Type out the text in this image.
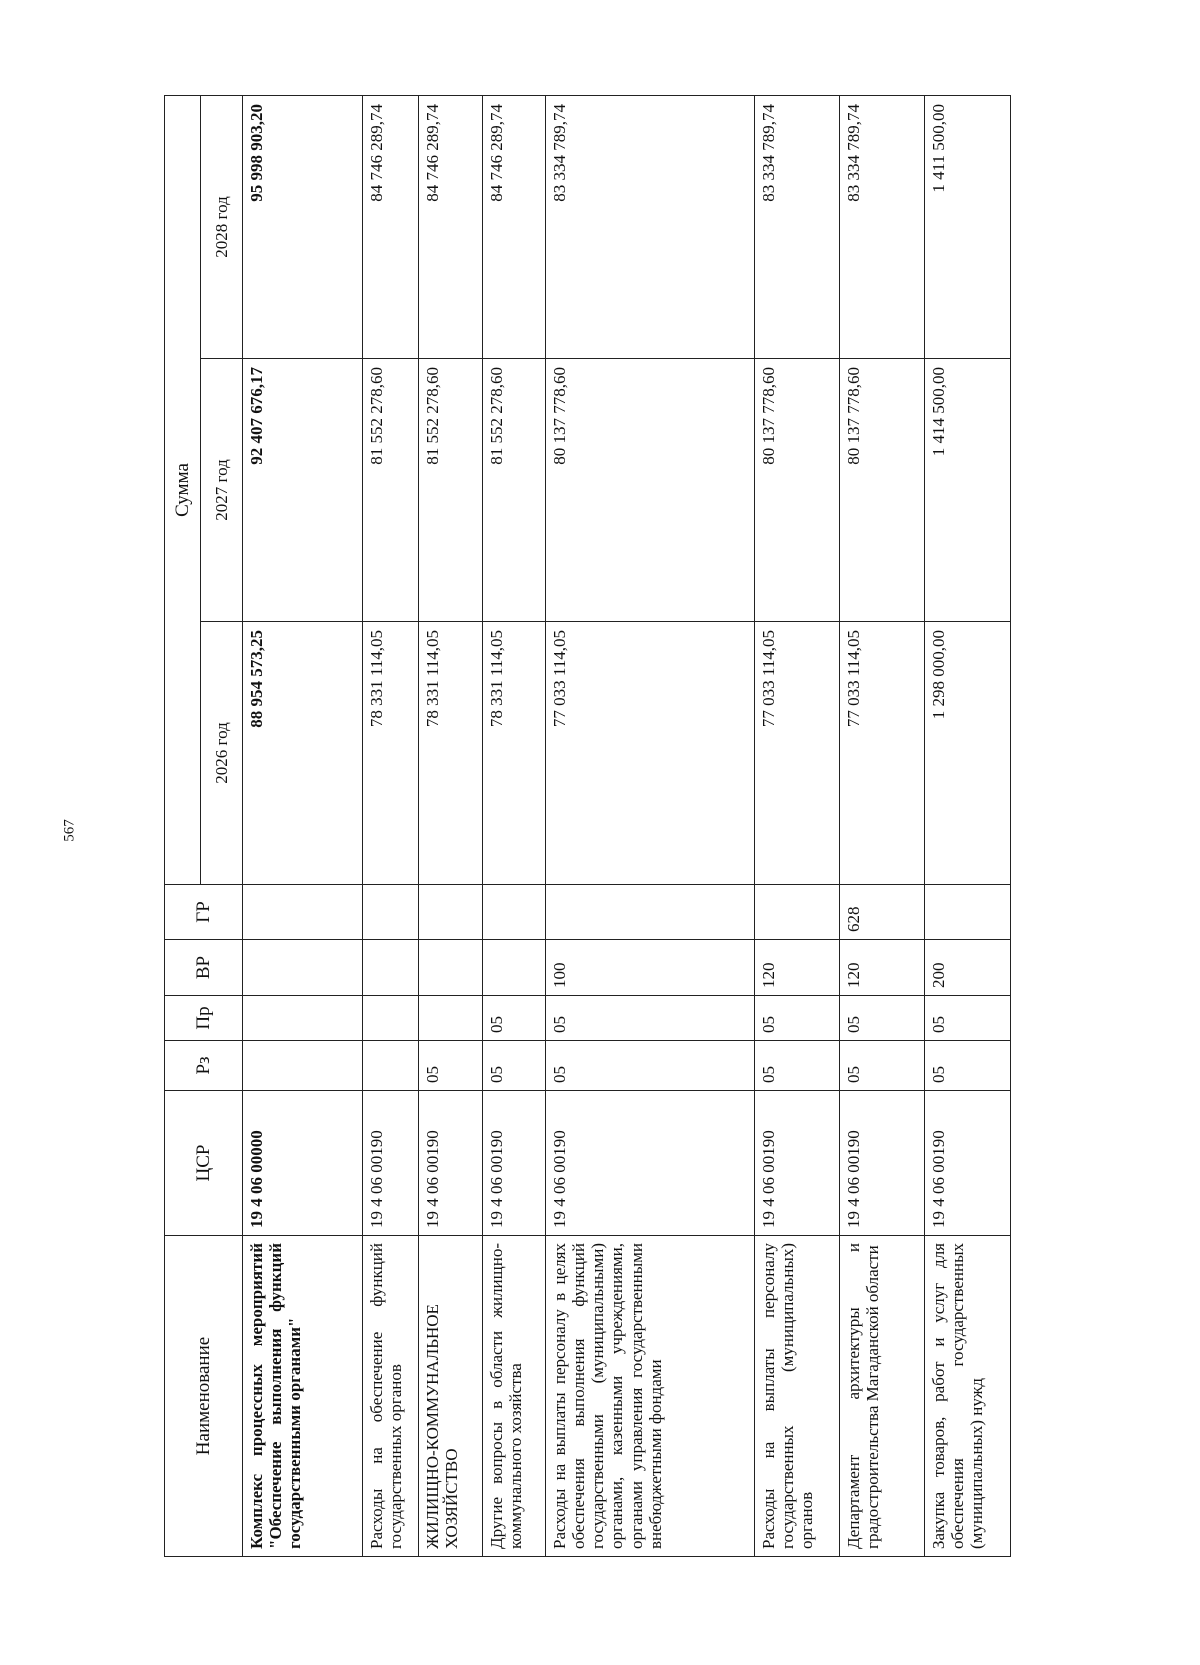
567
Наименование	ЦСР	Рз	Пр	ВР	ГР	Сумма		
						2026 год	2027 год	2028 год
Комплекс процессных мероприятий "Обеспечение выполнения функций государственными органами"	19 4 06 00000					88 954 573,25	92 407 676,17	95 998 903,20
Расходы на обеспечение функций государственных органов	19 4 06 00190					78 331 114,05	81 552 278,60	84 746 289,74
ЖИЛИЩНО-КОММУНАЛЬНОЕ ХОЗЯЙСТВО	19 4 06 00190	05				78 331 114,05	81 552 278,60	84 746 289,74
Другие вопросы в области жилищно-коммунального хозяйства	19 4 06 00190	05	05			78 331 114,05	81 552 278,60	84 746 289,74
Расходы на выплаты персоналу в целях обеспечения выполнения функций государственными (муниципальными) органами, казенными учреждениями, органами управления государственными внебюджетными фондами	19 4 06 00190	05	05	100		77 033 114,05	80 137 778,60	83 334 789,74
Расходы на выплаты персоналу государственных (муниципальных) органов	19 4 06 00190	05	05	120		77 033 114,05	80 137 778,60	83 334 789,74
Департамент архитектуры и градостроительства Магаданской области	19 4 06 00190	05	05	120	628	77 033 114,05	80 137 778,60	83 334 789,74
Закупка товаров, работ и услуг для обеспечения государственных (муниципальных) нужд	19 4 06 00190	05	05	200		1 298 000,00	1 414 500,00	1 411 500,00
